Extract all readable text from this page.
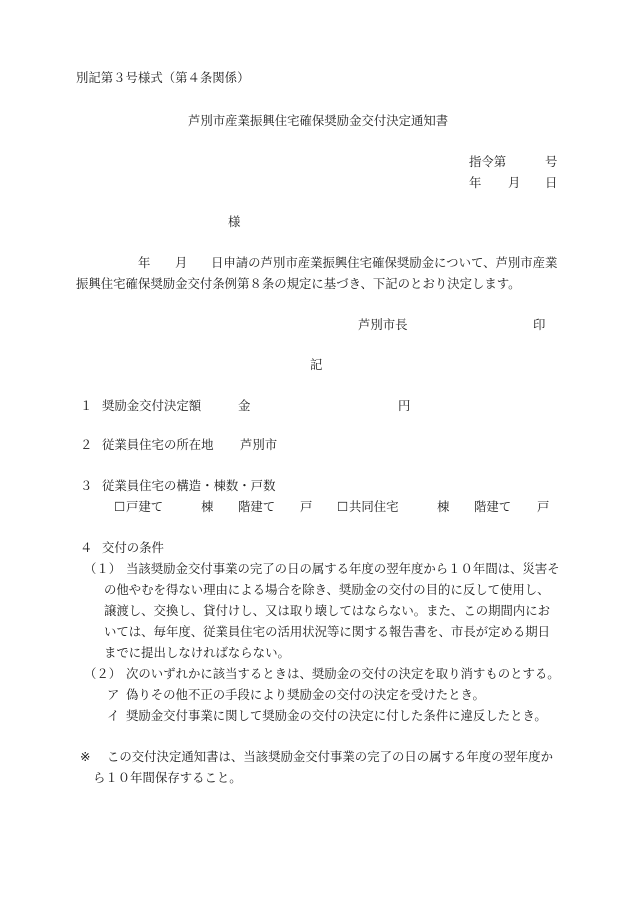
別記第３号様式（第４条関係）
芦別市産業振興住宅確保奨励金交付決定通知書
指令第	号
年 月 日
様
年 月 日申請の芦別市産業振興住宅確保奨励金について、芦別市産業
振興住宅確保奨励金交付条例第８条の規定に基づき、下記のとおり決定します。
芦別市長	印
記
１ 奨励金交付決定額	金	円
２ 従業員住宅の所在地 芦別市
３ 従業員住宅の構造・棟数・戸数
☐ 戸建て	棟 階建て 戸 ☐ 共同住宅	棟 階建て 戸
４ 交付の条件
（１） 当該奨励金交付事業の完了の日の属する年度の翌年度から１０年間は、災害そ
の他やむを得ない理由による場合を除き、奨励金の交付の目的に反して使用し、
譲渡し、交換し、貸付けし、又は取り壊してはならない。また、この期間内にお
いては、毎年度、従業員住宅の活用状況等に関する報告書を、市長が定める期日
までに提出しなければならない。
（２） 次のいずれかに該当するときは、奨励金の交付の決定を取り消すものとする。
ア 偽りその他不正の手段により奨励金の交付の決定を受けたとき。
イ 奨励金交付事業に関して奨励金の交付の決定に付した条件に違反したとき。
※ この交付決定通知書は、当該奨励金交付事業の完了の日の属する年度の翌年度か
ら１０年間保存すること。
